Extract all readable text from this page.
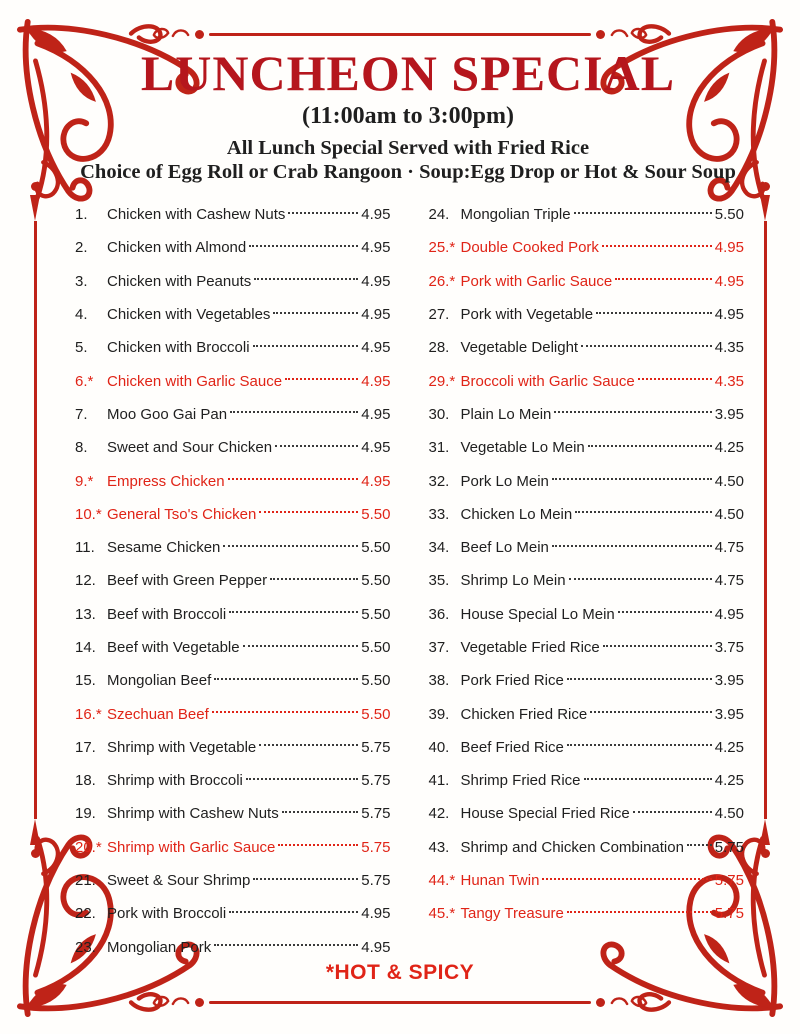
LUNCHEON SPECIAL
(11:00am to 3:00pm)
All Lunch Special Served with Fried Rice
Choice of Egg Roll or Crab Rangoon · Soup:Egg Drop or Hot & Sour Soup
1.	Chicken with Cashew Nuts	4.95
2.	Chicken with Almond	4.95
3.	Chicken with Peanuts	4.95
4.	Chicken with Vegetables	4.95
5.	Chicken with Broccoli	4.95
6.* Chicken with Garlic Sauce	4.95
7.	Moo Goo Gai Pan	4.95
8.	Sweet and Sour Chicken	4.95
9.* Empress Chicken	4.95
10.* General Tso's Chicken	5.50
11. Sesame Chicken	5.50
12. Beef with Green Pepper	5.50
13. Beef with Broccoli	5.50
14. Beef with Vegetable	5.50
15. Mongolian Beef	5.50
16.* Szechuan Beef	5.50
17. Shrimp with Vegetable	5.75
18. Shrimp with Broccoli	5.75
19. Shrimp with Cashew Nuts	5.75
20.* Shrimp with Garlic Sauce	5.75
21. Sweet & Sour Shrimp	5.75
22. Pork with Broccoli	4.95
23. Mongolian Pork	4.95
24. Mongolian Triple	5.50
25.* Double Cooked Pork	4.95
26.* Pork with Garlic Sauce	4.95
27. Pork with Vegetable	4.95
28. Vegetable Delight	4.35
29.* Broccoli with Garlic Sauce	4.35
30. Plain Lo Mein	3.95
31. Vegetable Lo Mein	4.25
32. Pork Lo Mein	4.50
33. Chicken Lo Mein	4.50
34. Beef Lo Mein	4.75
35. Shrimp Lo Mein	4.75
36. House Special Lo Mein	4.95
37. Vegetable Fried Rice	3.75
38. Pork Fried Rice	3.95
39. Chicken Fried Rice	3.95
40. Beef Fried Rice	4.25
41. Shrimp Fried Rice	4.25
42. House Special Fried Rice	4.50
43. Shrimp and Chicken Combination 5.75
44.* Hunan Twin	5.75
45.* Tangy Treasure	5.75
*HOT & SPICY
